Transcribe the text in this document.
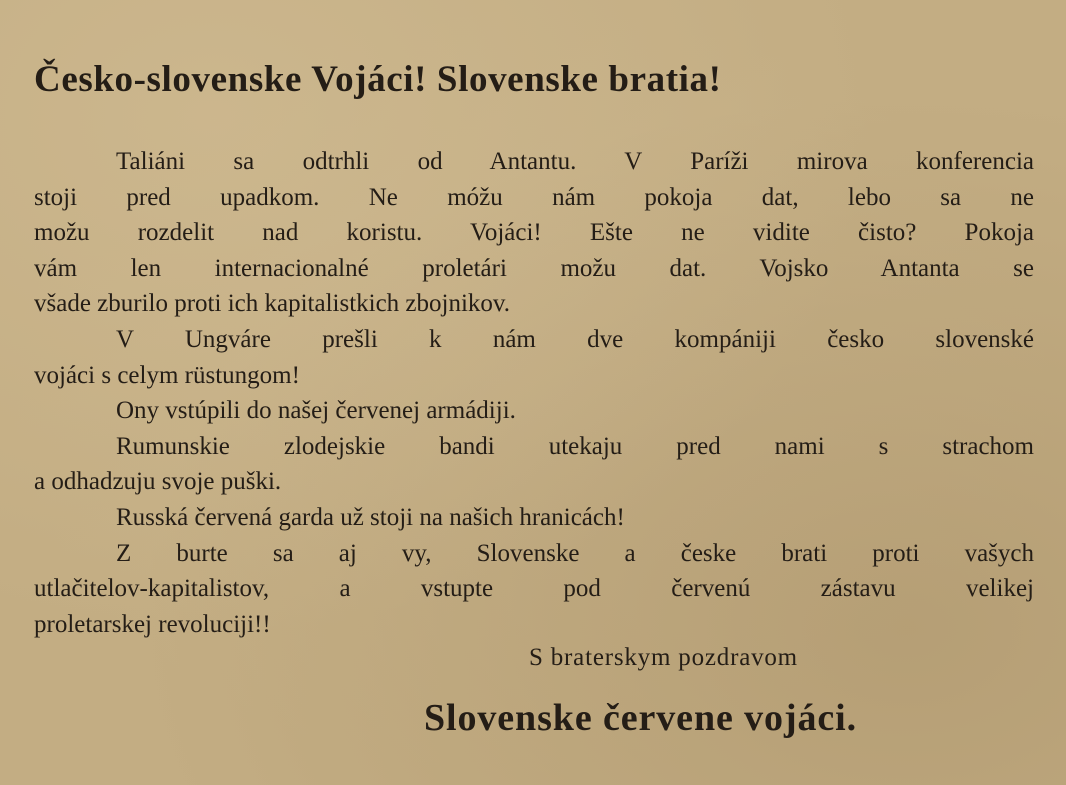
Česko-slovenske Vojáci! Slovenske bratia!
Taliáni sa odtrhli od Antantu. V Paríži mirova konferencia
stoji pred upadkom. Ne móžu nám pokoja dat, lebo sa ne
možu rozdelit nad koristu. Vojáci! Ešte ne vidite čisto? Pokoja
vám len internacionalné proletári možu dat. Vojsko Antanta se
všade zburilo proti ich kapitalistkich zbojnikov.
V Ungváre prešli k nám dve kompániji česko slovenské
vojáci s celym rüstungom!
Ony vstúpili do našej červenej armádiji.
Rumunskie zlodejskie bandi utekaju pred nami s strachom
a odhadzuju svoje puški.
Russká červená garda už stoji na našich hranicách!
Z burte sa aj vy, Slovenske a česke brati proti vašych
utlačitelov-kapitalistov, a vstupte pod červenú zástavu velikej
proletarskej revoluciji!!
S braterskym pozdravom
Slovenske červene vojáci.
